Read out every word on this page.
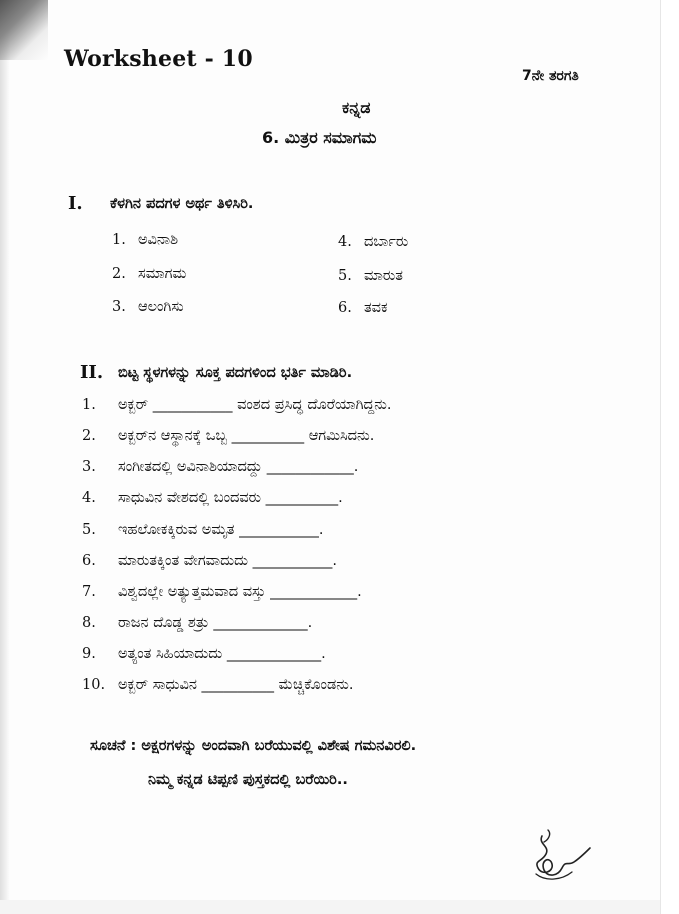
Worksheet - 10
7ನೇ ತರಗತಿ
ಕನ್ನಡ
6. ಮಿತ್ರರ ಸಮಾಗಮ
I. ಕೆಳಗಿನ ಪದಗಳ ಅರ್ಥ ತಿಳಿಸಿರಿ.
1. ಅವಿನಾಶಿ
2. ಸಮಾಗಮ
3. ಆಲಂಗಿಸು
4. ದರ್ಬಾರು
5. ಮಾರುತ
6. ತವಕ
II. ಬಿಟ್ಟ ಸ್ಥಳಗಳನ್ನು ಸೂಕ್ತ ಪದಗಳಿಂದ ಭರ್ತಿ ಮಾಡಿರಿ.
1. ಅಕ್ಬರ್ ___________ ವಂಶದ ಪ್ರಸಿದ್ಧ ದೊರೆಯಾಗಿದ್ದನು.
2. ಅಕ್ಬರ್‌ನ ಆಸ್ಥಾನಕ್ಕೆ ಒಬ್ಬ __________ ಆಗಮಿಸಿದನು.
3. ಸಂಗೀತದಲ್ಲಿ ಅವಿನಾಶಿಯಾದದ್ದು ____________.
4. ಸಾಧುವಿನ ವೇಶದಲ್ಲಿ ಬಂದವರು __________.
5. ಇಹಲೋಕಕ್ಕಿರುವ ಅಮೃತ ___________.
6. ಮಾರುತಕ್ಕಿಂತ ವೇಗವಾದುದು ___________.
7. ವಿಶ್ವದಲ್ಲೇ ಅತ್ಯುತ್ತಮವಾದ ವಸ್ತು ____________.
8. ರಾಜನ ದೊಡ್ಡ ಶತ್ರು _____________.
9. ಅತ್ಯಂತ ಸಿಹಿಯಾದುದು _____________.
10. ಅಕ್ಬರ್ ಸಾಧುವಿನ __________ ಮೆಚ್ಚಿಕೊಂಡನು.
ಸೂಚನೆ : ಅಕ್ಷರಗಳನ್ನು ಅಂದವಾಗಿ ಬರೆಯುವಲ್ಲಿ ವಿಶೇಷ ಗಮನವಿರಲಿ.
ನಿಮ್ಮ ಕನ್ನಡ ಟಿಪ್ಪಣಿ ಪುಸ್ತಕದಲ್ಲಿ ಬರೆಯಿರಿ..
